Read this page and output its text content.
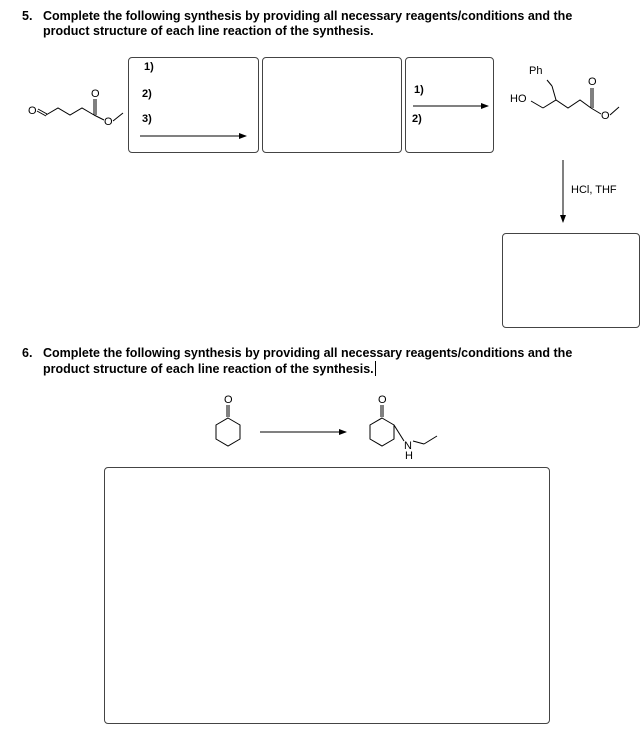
5. Complete the following synthesis by providing all necessary reagents/conditions and the
product structure of each line reaction of the synthesis.
1)
2)
3)
1)
2)
Ph
HO
HCl, THF
6. Complete the following synthesis by providing all necessary reagents/conditions and the
product structure of each line reaction of the synthesis.
O
O
O
O
O
O	O
N
H
